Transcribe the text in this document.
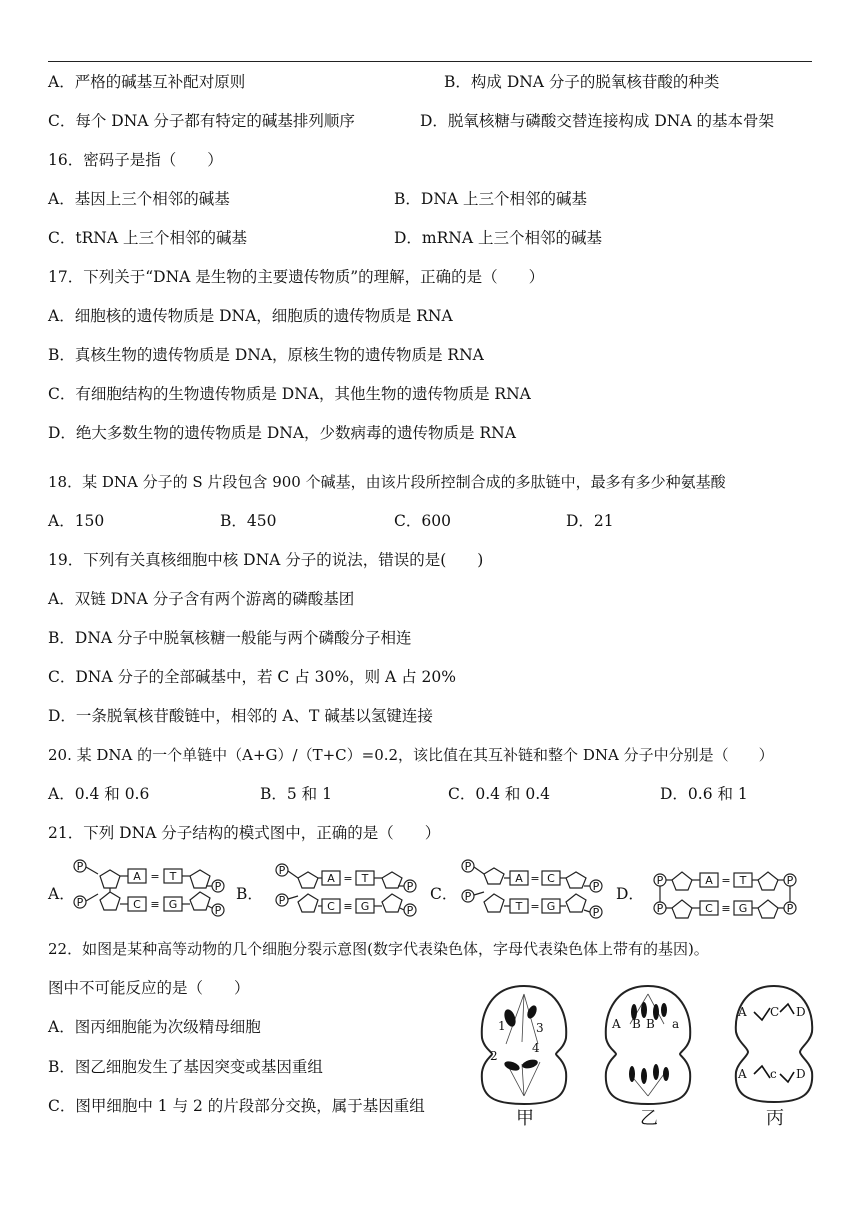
A．严格的碱基互补配对原则	B．构成 DNA 分子的脱氧核苷酸的种类
C．每个 DNA 分子都有特定的碱基排列顺序	D．脱氧核糖与磷酸交替连接构成 DNA 的基本骨架
16．密码子是指（　　）
A．基因上三个相邻的碱基	B．DNA 上三个相邻的碱基
C．tRNA 上三个相邻的碱基	D．mRNA 上三个相邻的碱基
17．下列关于“DNA 是生物的主要遗传物质”的理解，正确的是（　　）
A．细胞核的遗传物质是 DNA，细胞质的遗传物质是 RNA
B．真核生物的遗传物质是 DNA，原核生物的遗传物质是 RNA
C．有细胞结构的生物遗传物质是 DNA，其他生物的遗传物质是 RNA
D．绝大多数生物的遗传物质是 DNA，少数病毒的遗传物质是 RNA
18．某 DNA 分子的 S 片段包含 900 个碱基，由该片段所控制合成的多肽链中，最多有多少种氨基酸
A．150	B．450	C．600	D．21
19．下列有关真核细胞中核 DNA 分子的说法，错误的是(　　)
A．双链 DNA 分子含有两个游离的磷酸基团
B．DNA 分子中脱氧核糖一般能与两个磷酸分子相连
C．DNA 分子的全部碱基中，若 C 占 30%，则 A 占 20%
D．一条脱氧核苷酸链中，相邻的 A、T 碱基以氢键连接
20. 某 DNA 的一个单链中（A+G）/（T+C）=0.2，该比值在其互补链和整个 DNA 分子中分别是（　　）
A．0.4 和 0.6	B．5 和 1	C．0.4 和 0.4	D．0.6 和 1
21．下列 DNA 分子结构的模式图中，正确的是（　　）
A．	B．	C．	D．
P
P
P
P
A	T
C	G
=
≡
P
P
P
P
A T
C G
=
≡
P
P
P
P
A C
T G
=
=
P
P
P
P
A T
C G
=
≡
22．如图是某种高等动物的几个细胞分裂示意图(数字代表染色体，字母代表染色体上带有的基因)。
图中不可能反应的是（　　）
A．图丙细胞能为次级精母细胞
B．图乙细胞发生了基因突变或基因重组
C．图甲细胞中 1 与 2 的片段部分交换，属于基因重组
1	3
2
4
甲
A B B a
乙
A C D
A c D
丙
